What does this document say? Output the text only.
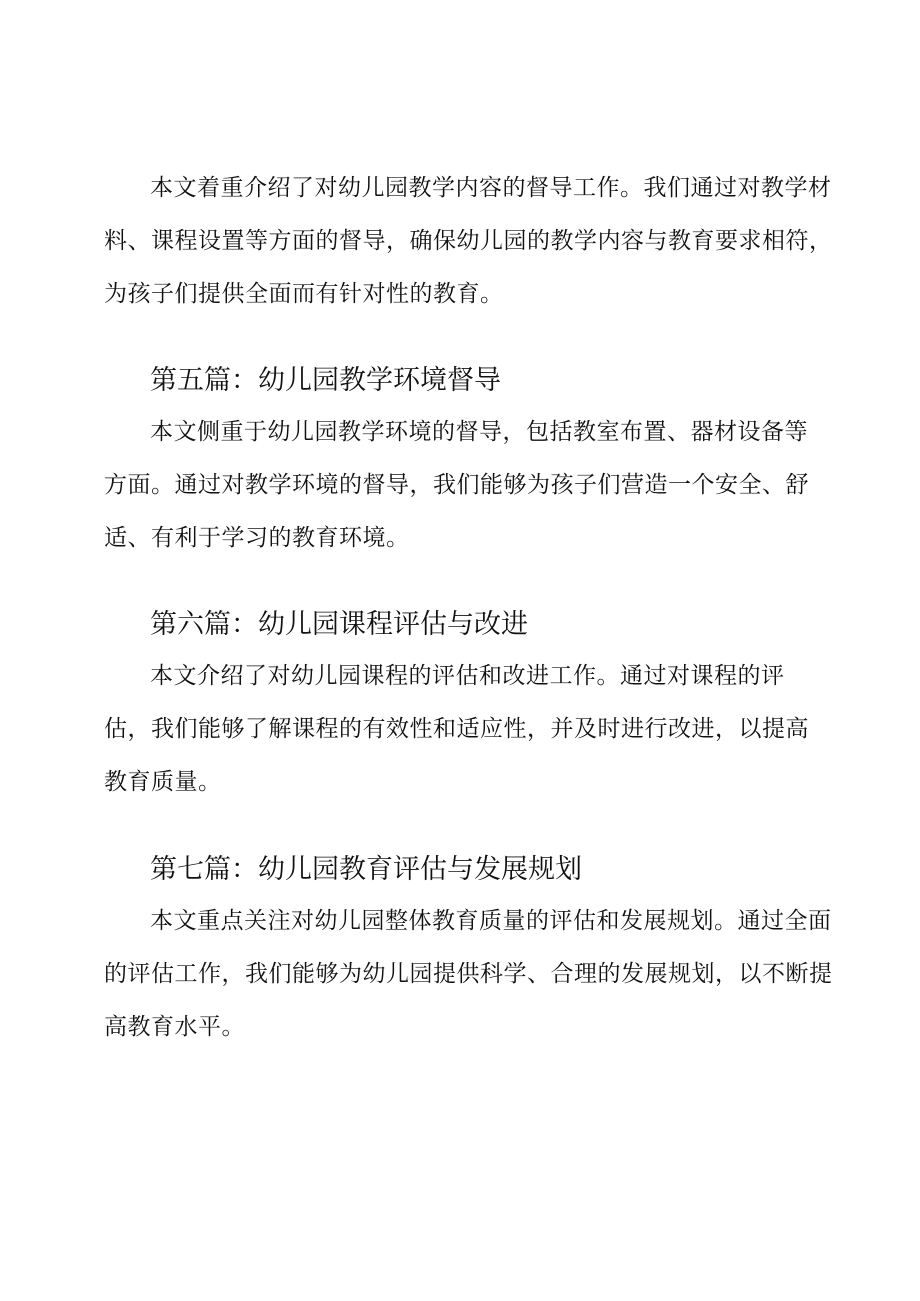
本文着重介绍了对幼儿园教学内容的督导工作。我们通过对教学材
料、课程设置等方面的督导，确保幼儿园的教学内容与教育要求相符，
为孩子们提供全面而有针对性的教育。
第五篇：幼儿园教学环境督导
本文侧重于幼儿园教学环境的督导，包括教室布置、器材设备等
方面。通过对教学环境的督导，我们能够为孩子们营造一个安全、舒
适、有利于学习的教育环境。
第六篇：幼儿园课程评估与改进
本文介绍了对幼儿园课程的评估和改进工作。通过对课程的评
估，我们能够了解课程的有效性和适应性，并及时进行改进，以提高
教育质量。
第七篇：幼儿园教育评估与发展规划
本文重点关注对幼儿园整体教育质量的评估和发展规划。通过全面
的评估工作，我们能够为幼儿园提供科学、合理的发展规划，以不断提
高教育水平。
